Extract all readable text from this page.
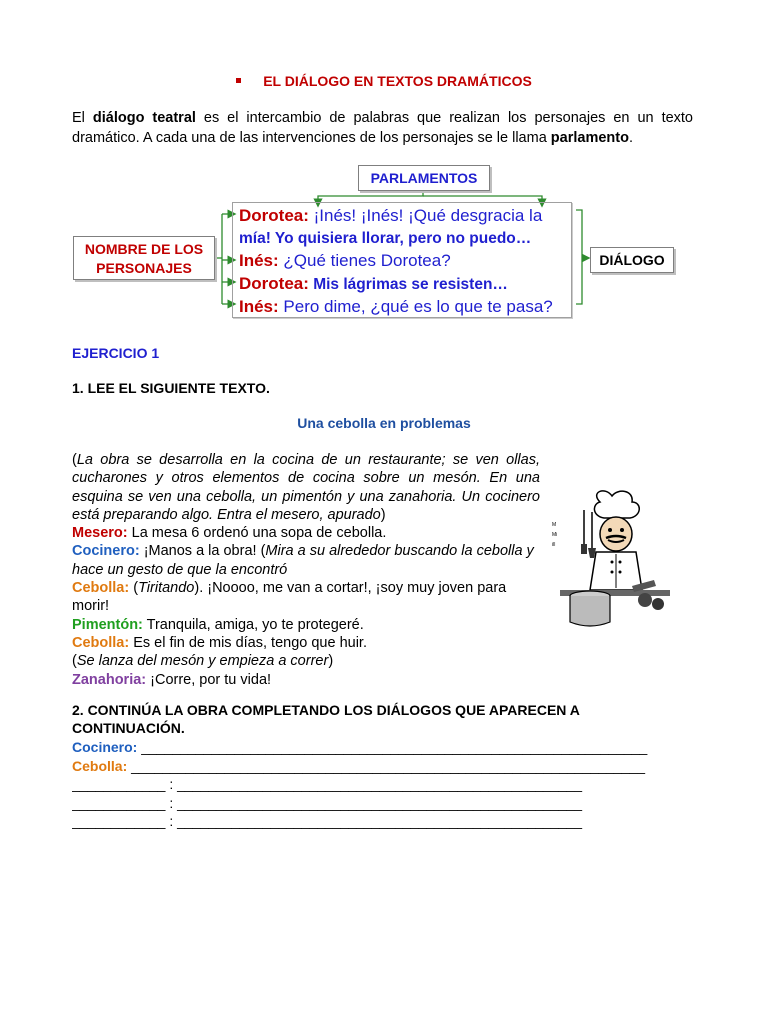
EL DIÁLOGO EN TEXTOS DRAMÁTICOS
El diálogo teatral es el intercambio de palabras que realizan los personajes en un texto dramático. A cada una de las intervenciones de los personajes se le llama parlamento.
PARLAMENTOS
NOMBRE DE LOS
PERSONAJES	DIÁLOGO
Dorotea: ¡Inés! ¡Inés! ¡Qué desgracia la
mía! Yo quisiera llorar, pero no puedo…
Inés: ¿Qué tienes Dorotea?
Dorotea: Mis lágrimas se resisten…
Inés: Pero dime, ¿qué es lo que te pasa?
EJERCICIO 1
1. LEE EL SIGUIENTE TEXTO.
Una cebolla en problemas

(La obra se desarrolla en la cocina de un restaurante; se ven ollas, cucharones y otros elementos de cocina sobre un mesón. En una esquina se ven una cebolla, un pimentón y una zanahoria. Un cocinero está preparando algo. Entra el mesero, apurado)

Mesero: La mesa 6 ordenó una sopa de cebolla.

Cocinero: ¡Manos a la obra! (Mira a su alrededor buscando la cebolla y hace un gesto de que la encontró

Cebolla: (Tiritando). ¡Noooo, me van a cortar!, ¡soy muy joven para morir!

Pimentón: Tranquila, amiga, yo te protegeré.

Cebolla: Es el fin de mis días, tengo que huir.

(Se lanza del mesón y empieza a correr)

Zanahoria: ¡Corre, por tu vida!

M
Mi
ill
2. CONTINÚA LA OBRA COMPLETANDO LOS DIÁLOGOS QUE APARECEN A CONTINUACIÓN.
Cocinero: _________________________________________________________________
Cebolla: __________________________________________________________________
____________ : ____________________________________________________
____________ : ____________________________________________________
____________ : ____________________________________________________
